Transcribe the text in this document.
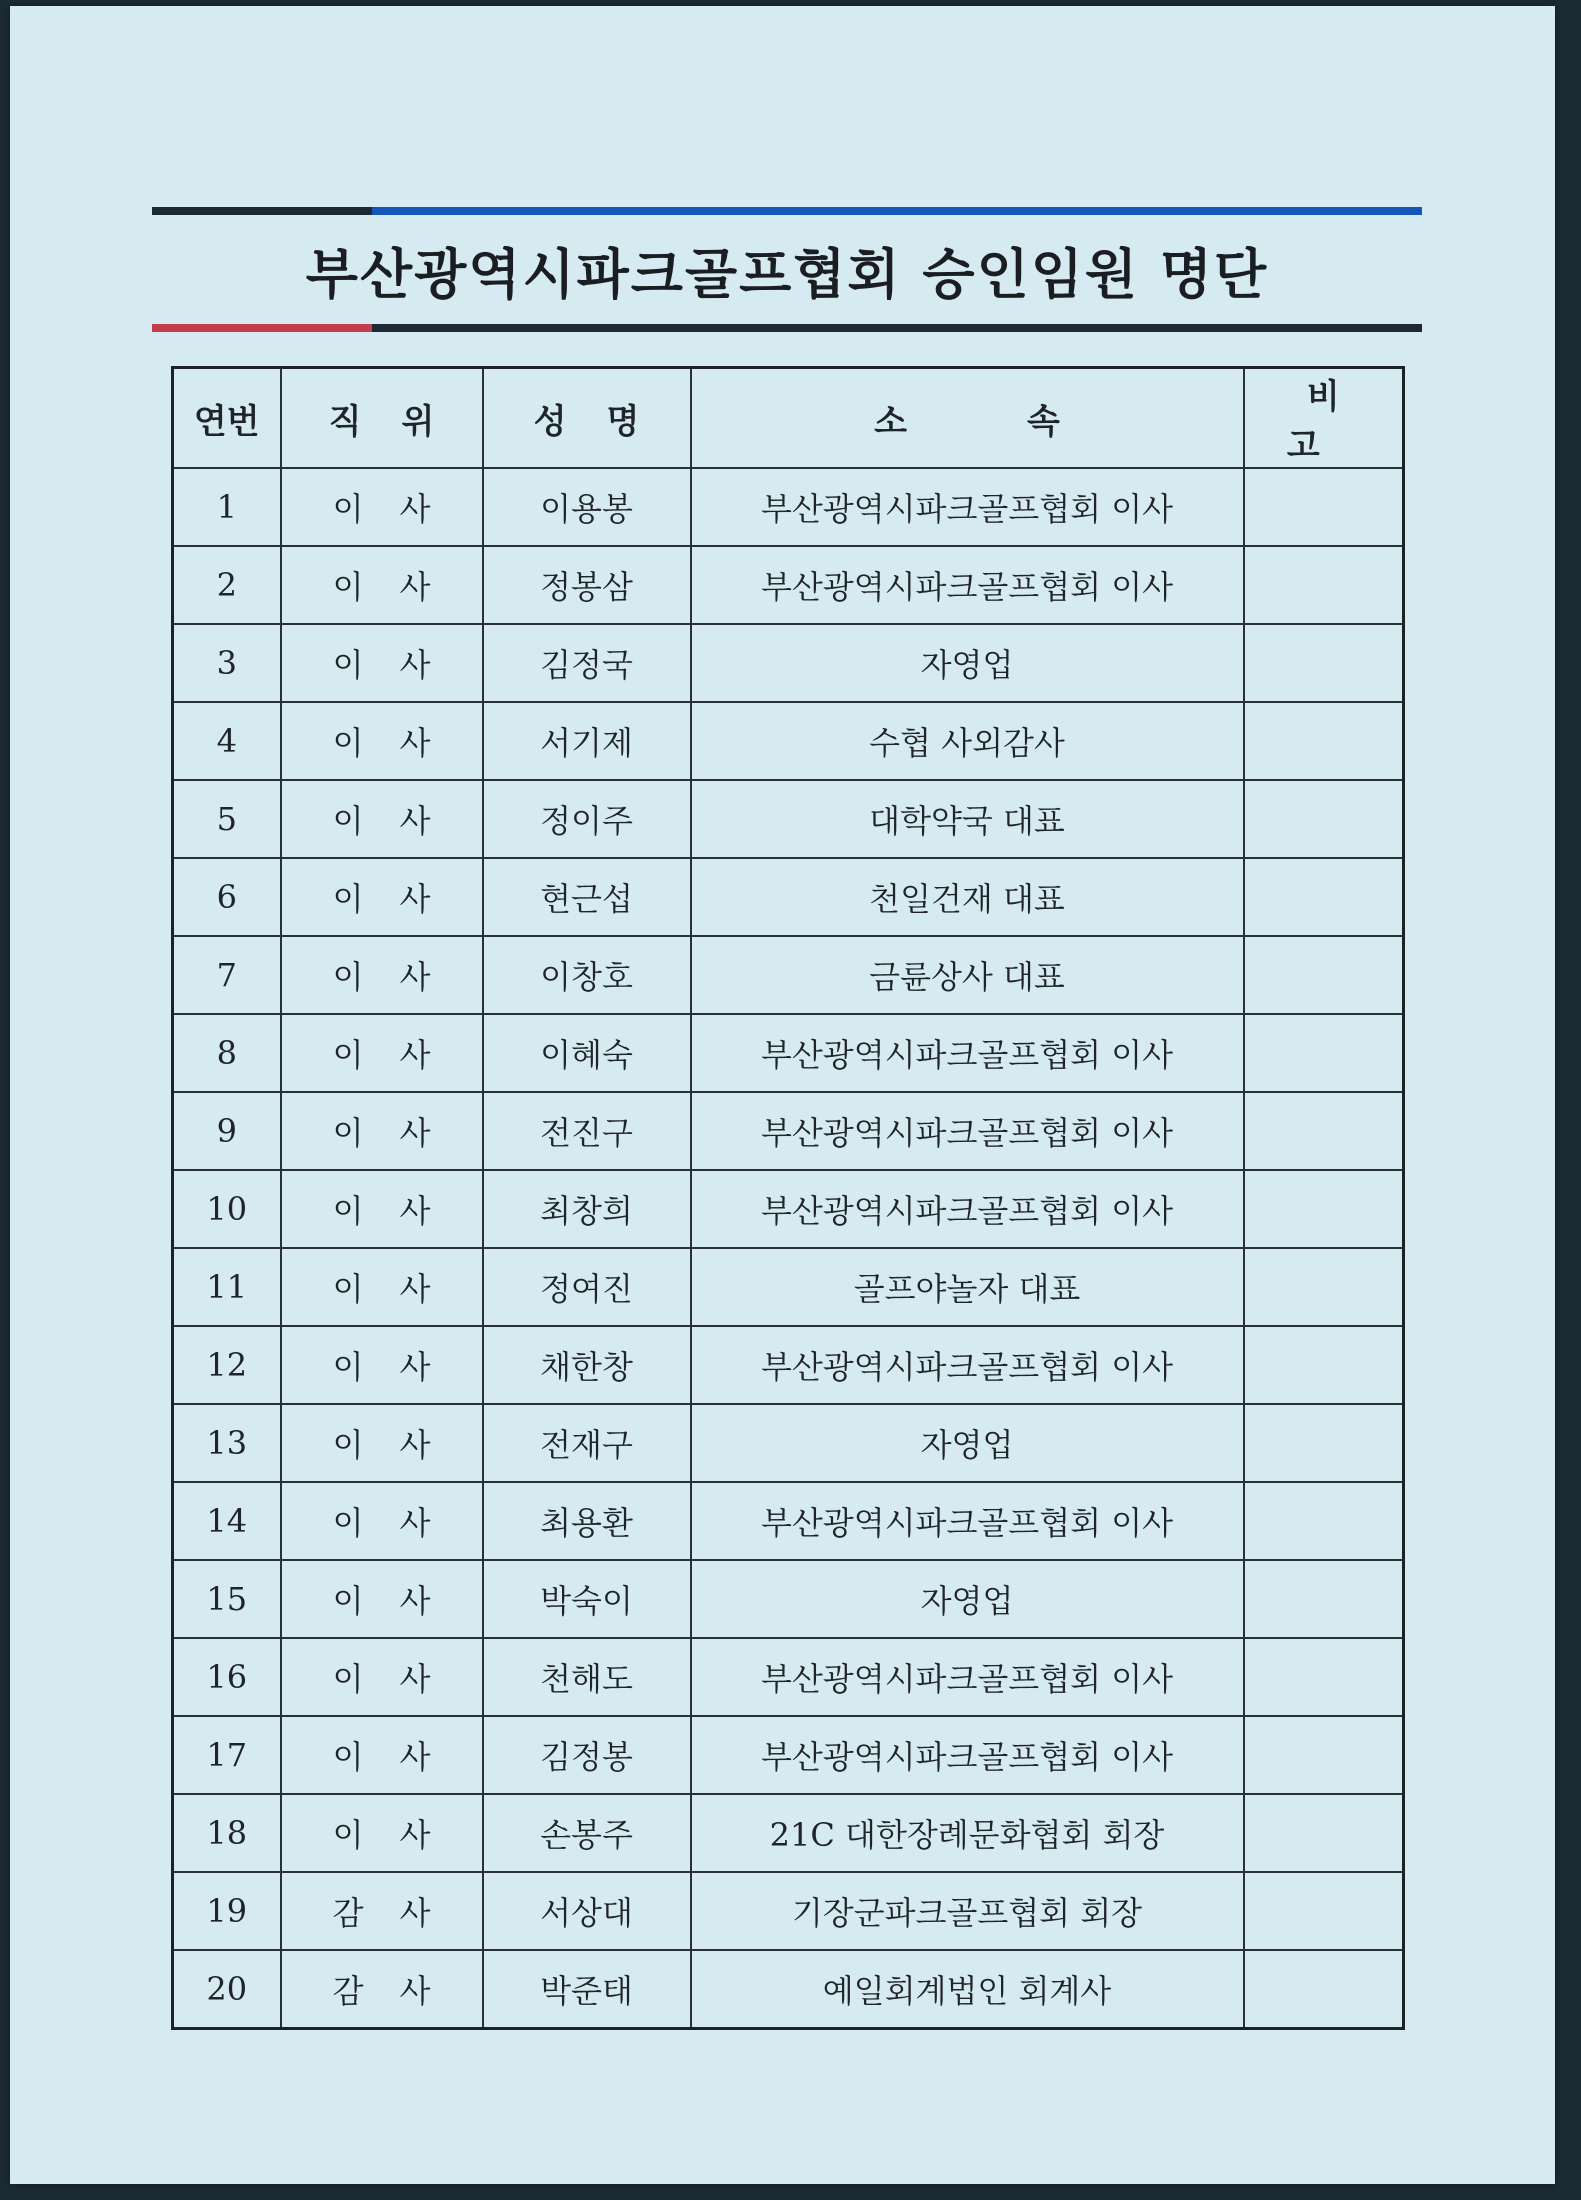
부산광역시파크골프협회 승인임원 명단
연번	직위	성명	소속	비고
1	이사	이용봉	부산광역시파크골프협회 이사	
2	이사	정봉삼	부산광역시파크골프협회 이사	
3	이사	김정국	자영업	
4	이사	서기제	수협 사외감사	
5	이사	정이주	대학약국 대표	
6	이사	현근섭	천일건재 대표	
7	이사	이창호	금륜상사 대표	
8	이사	이혜숙	부산광역시파크골프협회 이사	
9	이사	전진구	부산광역시파크골프협회 이사	
10	이사	최창희	부산광역시파크골프협회 이사	
11	이사	정여진	골프야놀자 대표	
12	이사	채한창	부산광역시파크골프협회 이사	
13	이사	전재구	자영업	
14	이사	최용환	부산광역시파크골프협회 이사	
15	이사	박숙이	자영업	
16	이사	천해도	부산광역시파크골프협회 이사	
17	이사	김정봉	부산광역시파크골프협회 이사	
18	이사	손봉주	21C 대한장례문화협회 회장	
19	감사	서상대	기장군파크골프협회 회장	
20	감사	박준태	예일회계법인 회계사	
